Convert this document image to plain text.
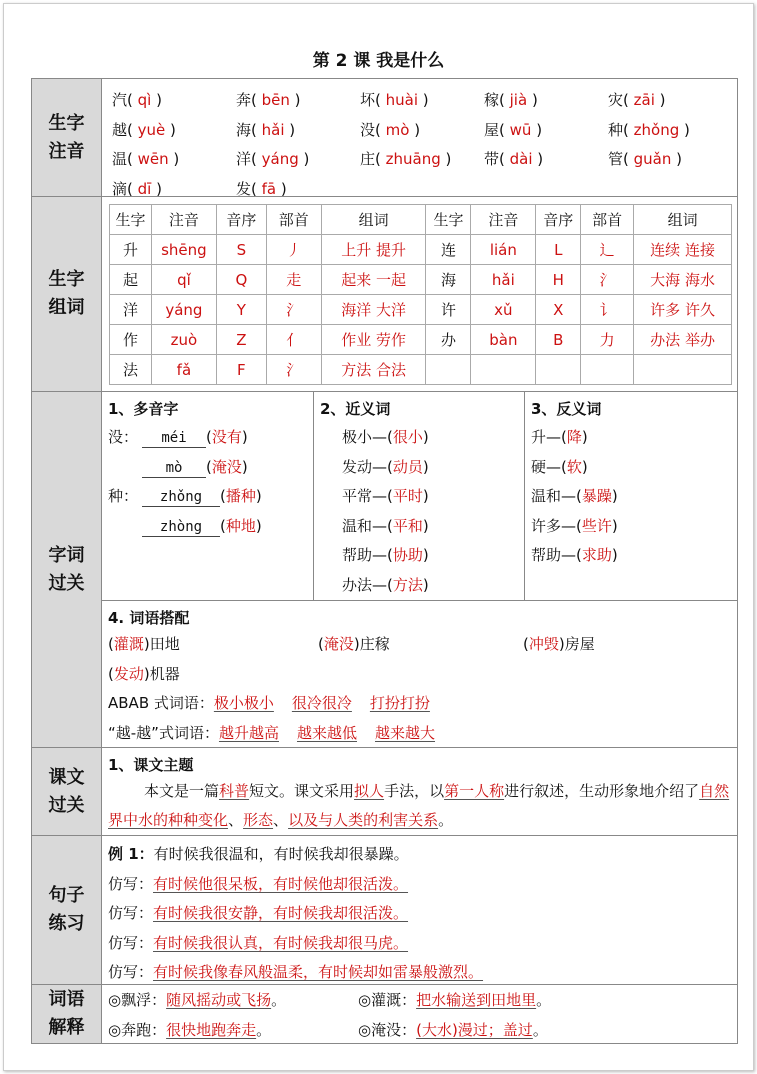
第 2 课 我是什么
生字注音
汽( qì )	奔( bēn )	坏( huài )	稼( jià )	灾( zāi )
越( yuè )	海( hǎi )	没( mò )	屋( wū )	种( zhǒng )
温( wēn )	洋( yáng )	庄( zhuāng )	带( dài )	管( guǎn )
滴( dī )	发( fā )
生字组词
生字	注音	音序	部首	组词	生字	注音	音序	部首	组词
升	shēng	S	丿	上升 提升	连	lián	L	辶	连续 连接
起	qǐ	Q	走	起来 一起	海	hǎi	H	氵	大海 海水
洋	yáng	Y	氵	海洋 大洋	许	xǔ	X	讠	许多 许久
作	zuò	Z	亻	作业 劳作	办	bàn	B	力	办法 举办
法	fǎ	F	氵	方法 合法					
字词过关
1、多音字
没： méi (没有)
mò (淹没)
种： zhǒng (播种)
zhòng (种地)
2、近义词
极小—(很小)
发动—(动员)
平常—(平时)
温和—(平和)
帮助—(协助)
办法—(方法)
3、反义词
升—(降)
硬—(软)
温和—(暴躁)
许多—(些许)
帮助—(求助)
4. 词语搭配
(灌溉)田地	(淹没)庄稼	(冲毁)房屋
(发动)机器
ABAB 式词语：极小极小 很冷很冷 打扮打扮
“越-越”式词语：越升越高 越来越低 越来越大
课文过关
1、课文主题
本文是一篇科普短文。课文采用拟人手法，以第一人称进行叙述，生动形象地介绍了自然界中水的种种变化、形态、以及与人类的利害关系。
句子练习
例 1：有时候我很温和，有时候我却很暴躁。
仿写：有时候他很呆板，有时候他却很活泼。
仿写：有时候我很安静，有时候我却很活泼。
仿写：有时候我很认真，有时候我却很马虎。
仿写：有时候我像春风般温柔，有时候却如雷暴般激烈。
词语解释
◎飘浮：随风摇动或飞扬。	◎灌溉：把水输送到田地里。
◎奔跑：很快地跑奔走。	◎淹没：(大水)漫过；盖过。
